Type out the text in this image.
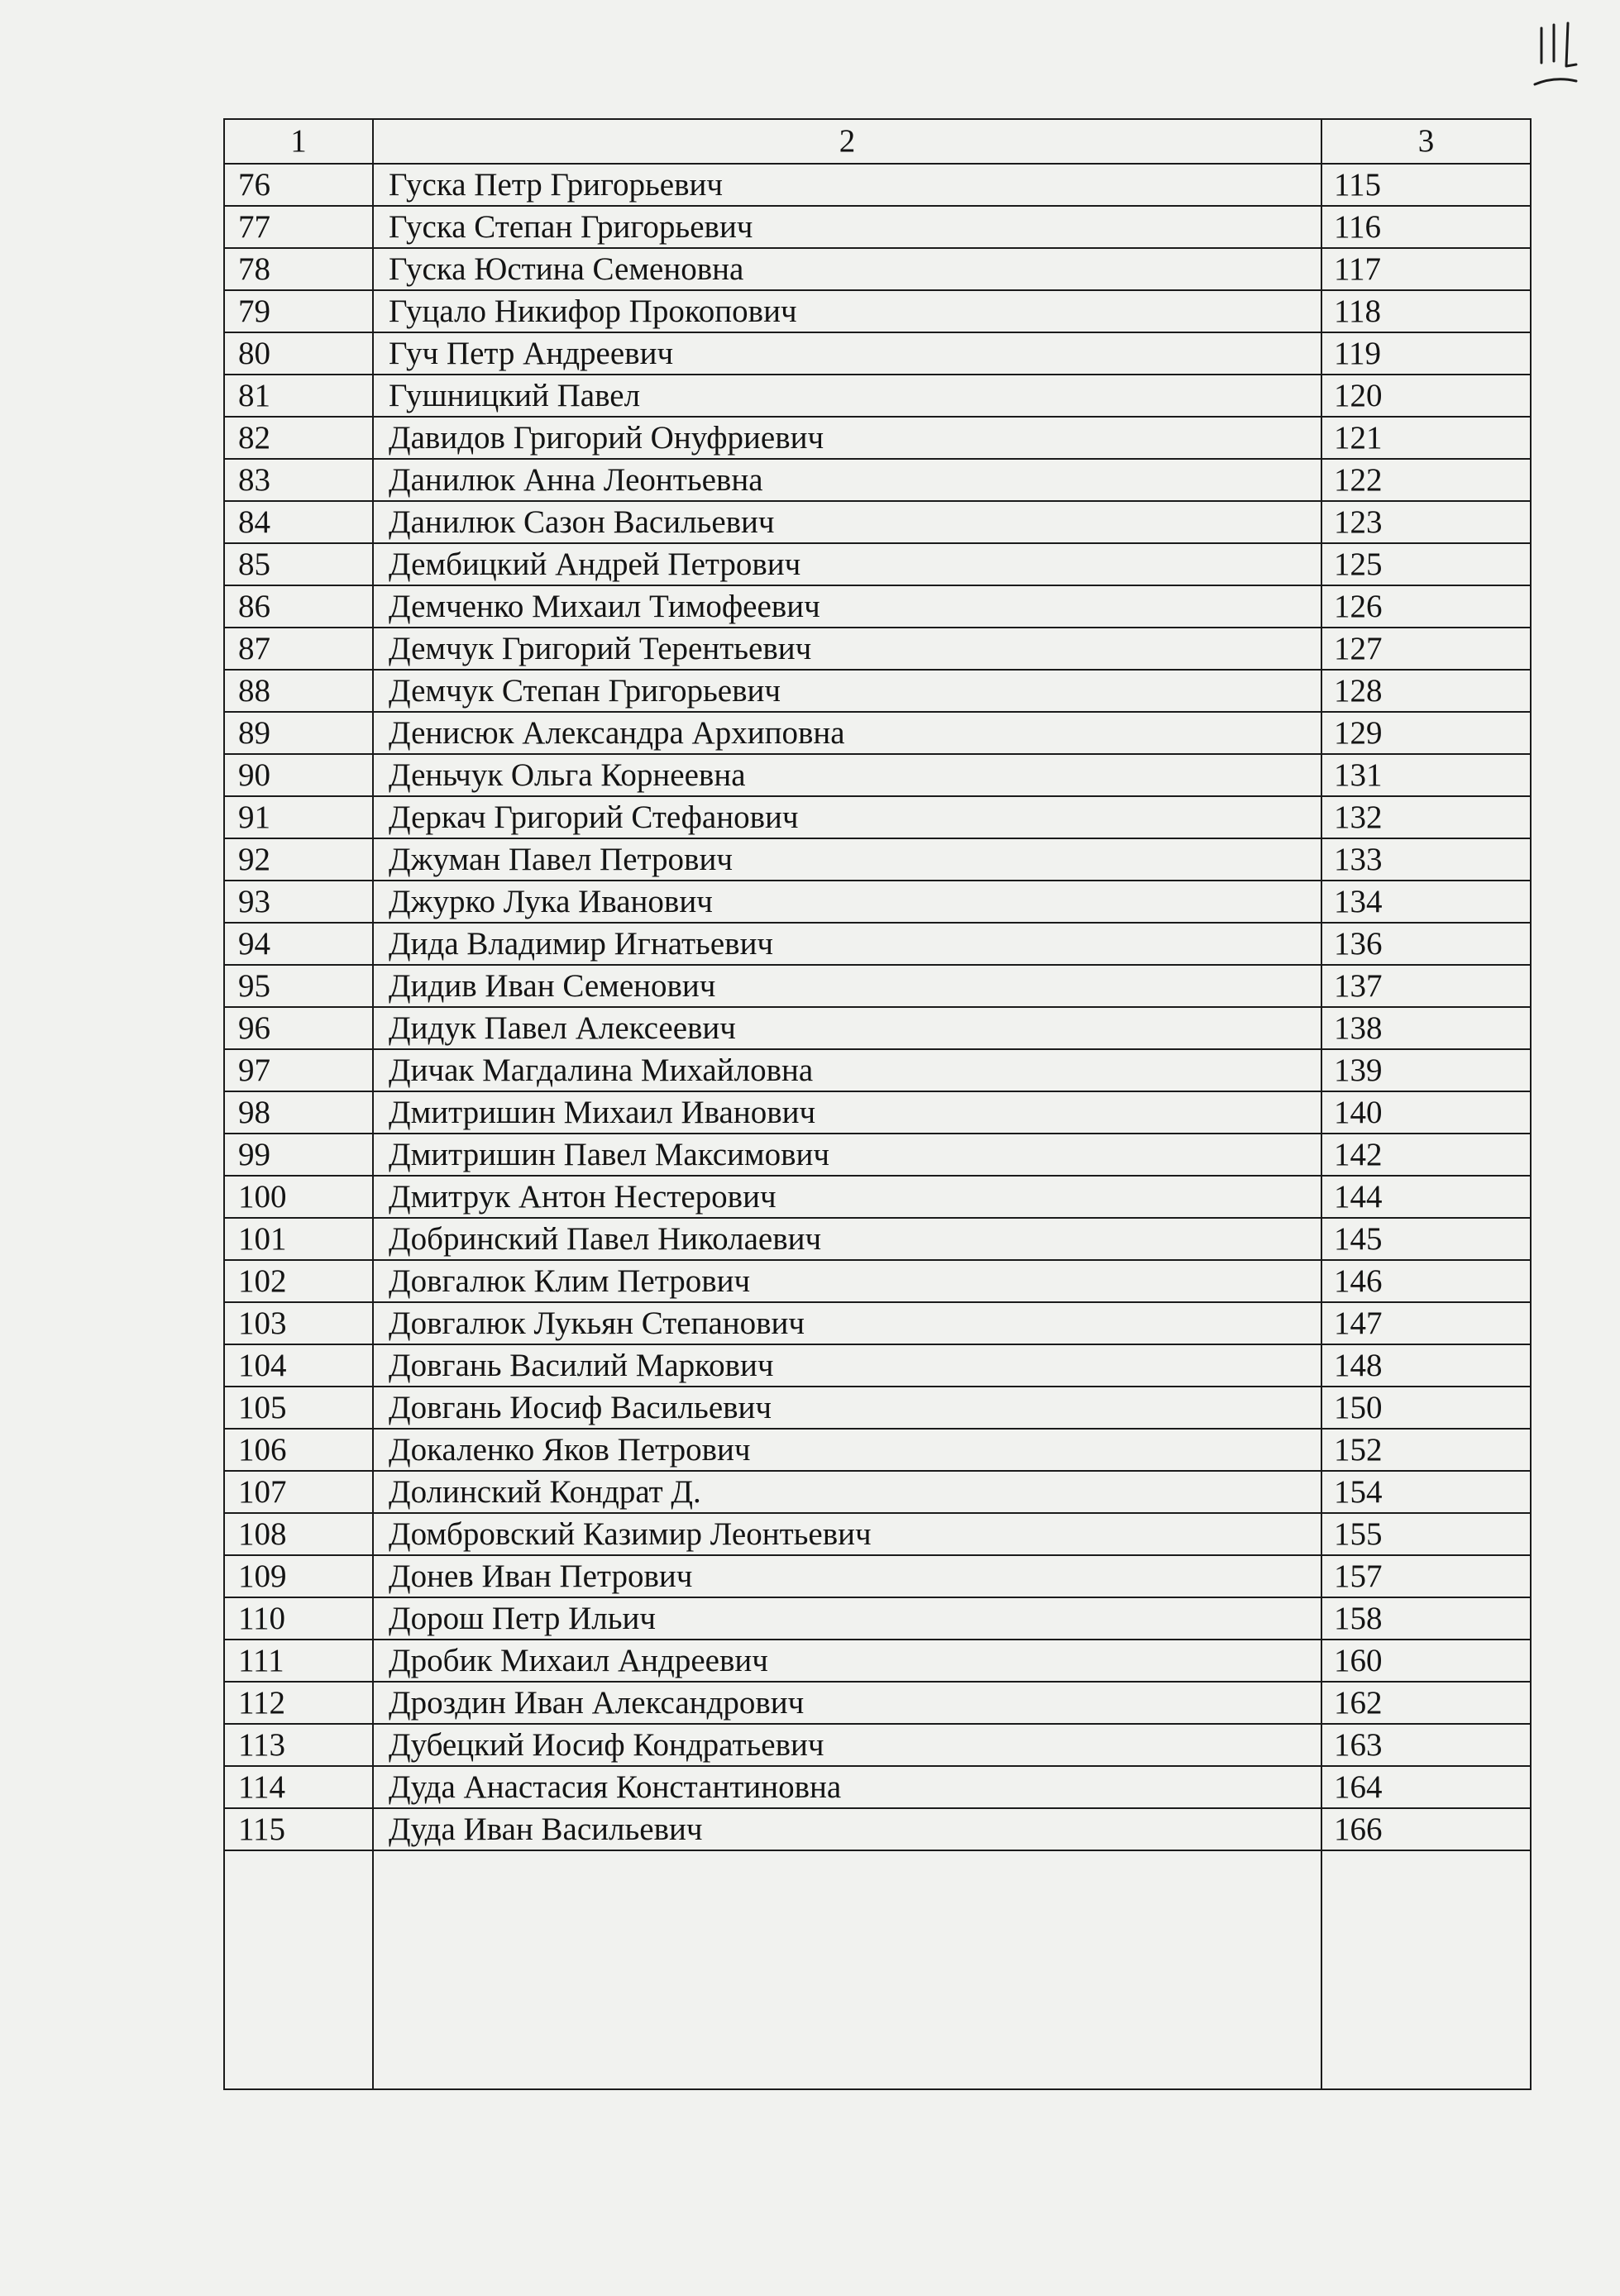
1	2	3
76	Гуска Петр Григорьевич	115
77	Гуска Степан Григорьевич	116
78	Гуска Юстина Семеновна	117
79	Гуцало Никифор Прокопович	118
80	Гуч Петр Андреевич	119
81	Гушницкий Павел	120
82	Давидов Григорий Онуфриевич	121
83	Данилюк Анна Леонтьевна	122
84	Данилюк Сазон Васильевич	123
85	Дембицкий Андрей Петрович	125
86	Демченко Михаил Тимофеевич	126
87	Демчук Григорий Терентьевич	127
88	Демчук Степан Григорьевич	128
89	Денисюк Александра Архиповна	129
90	Деньчук Ольга Корнеевна	131
91	Деркач Григорий Стефанович	132
92	Джуман Павел Петрович	133
93	Джурко Лука Иванович	134
94	Дида Владимир Игнатьевич	136
95	Дидив Иван Семенович	137
96	Дидук Павел Алексеевич	138
97	Дичак Магдалина Михайловна	139
98	Дмитришин Михаил Иванович	140
99	Дмитришин Павел Максимович	142
100	Дмитрук Антон Нестерович	144
101	Добринский Павел Николаевич	145
102	Довгалюк Клим Петрович	146
103	Довгалюк Лукьян Степанович	147
104	Довгань Василий Маркович	148
105	Довгань Иосиф Васильевич	150
106	Докаленко Яков Петрович	152
107	Долинский Кондрат Д.	154
108	Домбровский Казимир Леонтьевич	155
109	Донев Иван Петрович	157
110	Дорош Петр Ильич	158
111	Дробик Михаил Андреевич	160
112	Дроздин Иван Александрович	162
113	Дубецкий Иосиф Кондратьевич	163
114	Дуда Анастасия Константиновна	164
115	Дуда Иван Васильевич	166
